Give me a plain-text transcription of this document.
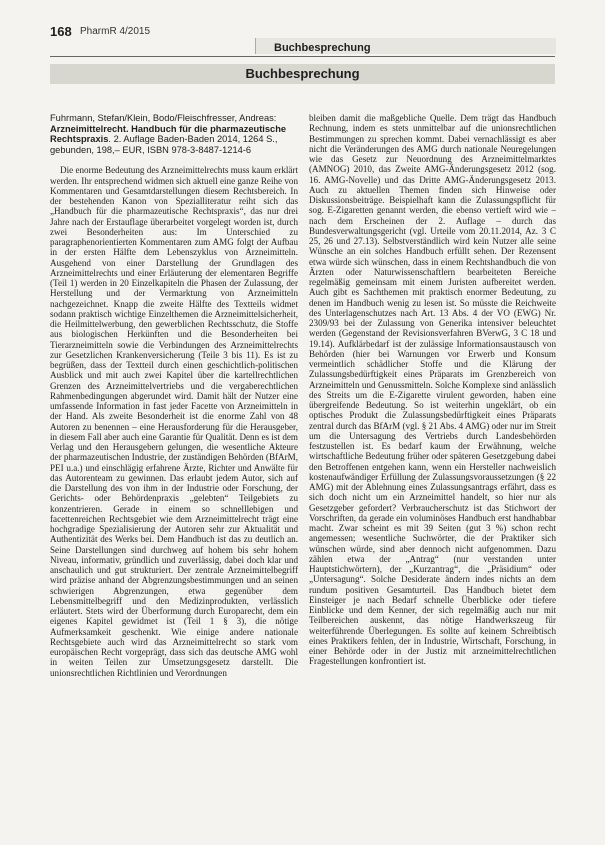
168 PharmR 4/2015
Buchbesprechung
Buchbesprechung

Fuhrmann, Stefan/Klein, Bodo/Fleischfresser, Andreas: Arzneimittelrecht. Handbuch für die pharmazeutische Rechtspraxis. 2. Auflage Baden-Baden 2014, 1264 S., gebunden, 198,– EUR, ISBN 978-3-8487-1214-6

Die enorme Bedeutung des Arzneimittelrechts muss kaum erklärt werden. Ihr entsprechend widmen sich aktuell eine ganze Reihe von Kommentaren und Gesamtdarstellungen diesem Rechtsbereich. In der bestehenden Kanon von Spezialliteratur reiht sich das „Handbuch für die pharmazeutische Rechtspraxis“, das nur drei Jahre nach der Erstauflage überarbeitet vorgelegt worden ist, durch zwei Besonderheiten aus: Im Unterschied zu paragraphenorientierten Kommentaren zum AMG folgt der Aufbau in der ersten Hälfte dem Lebenszyklus von Arzneimitteln. Ausgehend von einer Darstellung der Grundlagen des Arzneimittelrechts und einer Erläuterung der elementaren Begriffe (Teil 1) werden in 20 Einzelkapiteln die Phasen der Zulassung, der Herstellung und der Vermarktung von Arzneimitteln nachgezeichnet. Knapp die zweite Hälfte des Textteils widmet sodann praktisch wichtige Einzelthemen die Arzneimittelsicherheit, die Heilmittelwerbung, den gewerblichen Rechtsschutz, die Stoffe aus biologischen Herkünften und die Besonderheiten bei Tierarzneimitteln sowie die Verbindungen des Arzneimittelrechts zur Gesetzlichen Krankenversicherung (Teile 3 bis 11). Es ist zu begrüßen, dass der Textteil durch einen geschichtlich-politischen Ausblick und mit auch zwei Kapitel über die kartellrechtlichen Grenzen des Arzneimittelvertriebs und die vergaberechtlichen Rahmenbedingungen abgerundet wird. Damit hält der Nutzer eine umfassende Information in fast jeder Facette von Arzneimitteln in der Hand. Als zweite Besonderheit ist die enorme Zahl von 48 Autoren zu benennen – eine Herausforderung für die Herausgeber, in diesem Fall aber auch eine Garantie für Qualität. Denn es ist dem Verlag und den Herausgebern gelungen, die wesentliche Akteure der pharmazeutischen Industrie, der zuständigen Behörden (BfArM, PEI u.a.) und einschlägig erfahrene Ärzte, Richter und Anwälte für das Autorenteam zu gewinnen. Das erlaubt jedem Autor, sich auf die Darstellung des von ihm in der Industrie oder Forschung, der Gerichts- oder Behördenpraxis „gelebten“ Teilgebiets zu konzentrieren. Gerade in einem so schnelllebigen und facettenreichen Rechtsgebiet wie dem Arzneimittelrecht trägt eine hochgradige Spezialisierung der Autoren sehr zur Aktualität und Authentizität des Werks bei. Dem Handbuch ist das zu deutlich an. Seine Darstellungen sind durchweg auf hohem bis sehr hohem Niveau, informativ, gründlich und zuverlässig, dabei doch klar und anschaulich und gut strukturiert. Der zentrale Arzneimittelbegriff wird präzise anhand der Abgrenzungsbestimmungen und an seinen schwierigen Abgrenzungen, etwa gegenüber dem Lebensmittelbegriff und den Medizinprodukten, verlässlich erläutert. Stets wird der Überformung durch Europarecht, dem ein eigenes Kapitel gewidmet ist (Teil 1 § 3), die nötige Aufmerksamkeit geschenkt. Wie einige andere nationale Rechtsgebiete auch wird das Arzneimittelrecht so stark vom europäischen Recht vorgeprägt, dass sich das deutsche AMG wohl in weiten Teilen zur Umsetzungsgesetz darstellt. Die unionsrechtlichen Richtlinien und Verordnungen

bleiben damit die maßgebliche Quelle. Dem trägt das Handbuch Rechnung, indem es stets unmittelbar auf die unionsrechtlichen Bestimmungen zu sprechen kommt. Dabei vernachlässigt es aber nicht die Veränderungen des AMG durch nationale Neuregelungen wie das Gesetz zur Neuordnung des Arzneimittelmarktes (AMNOG) 2010, das Zweite AMG-Änderungsgesetz 2012 (sog. 16. AMG-Novelle) und das Dritte AMG-Änderungsgesetz 2013. Auch zu aktuellen Themen finden sich Hinweise oder Diskussionsbeiträge. Beispielhaft kann die Zulassungspflicht für sog. E-Zigaretten genannt werden, die ebenso vertieft wird wie – nach dem Erscheinen der 2. Auflage – durch das Bundesverwaltungsgericht (vgl. Urteile vom 20.11.2014, Az. 3 C 25, 26 und 27.13). Selbstverständlich wird kein Nutzer alle seine Wünsche an ein solches Handbuch erfüllt sehen. Der Rezensent etwa würde sich wünschen, dass in einem Rechtshandbuch die von Ärzten oder Naturwissenschaftlern bearbeiteten Bereiche regelmäßig gemeinsam mit einem Juristen aufbereitet werden. Auch gibt es Sachthemen mit praktisch enormer Bedeutung, zu denen im Handbuch wenig zu lesen ist. So müsste die Reichweite des Unterlagenschutzes nach Art. 13 Abs. 4 der VO (EWG) Nr. 2309/93 bei der Zulassung von Generika intensiver beleuchtet werden (Gegenstand der Revisionsverfahren BVerwG, 3 C 18 und 19.14). Aufklärbedarf ist der zulässige Informationsaustausch von Behörden (hier bei Warnungen vor Erwerb und Konsum vermeintlich schädlicher Stoffe und die Klärung der Zulassungsbedürftigkeit eines Präparats im Grenzbereich von Arzneimitteln und Genussmitteln. Solche Komplexe sind anlässlich des Streits um die E-Zigarette virulent geworden, haben eine übergreifende Bedeutung. So ist weiterhin ungeklärt, ob ein optisches Produkt die Zulassungsbedürftigkeit eines Präparats zentral durch das BfArM (vgl. § 21 Abs. 4 AMG) oder nur im Streit um die Untersagung des Vertriebs durch Landesbehörden festzustellen ist. Es bedarf kaum der Erwähnung, welche wirtschaftliche Bedeutung früher oder späteren Gesetzgebung dabei den Betroffenen entgehen kann, wenn ein Hersteller nachweislich kostenaufwändiger Erfüllung der Zulassungsvoraussetzungen (§ 22 AMG) mit der Ablehnung eines Zulassungsantrags erfährt, dass es sich doch nicht um ein Arzneimittel handelt, so hier nur als Gesetzgeber gefordert? Verbraucherschutz ist das Stichwort der Vorschriften, da gerade ein voluminöses Handbuch erst handhabbar macht. Zwar scheint es mit 39 Seiten (gut 3 %) schon recht angemessen; wesentliche Suchwörter, die der Praktiker sich wünschen würde, sind aber dennoch nicht aufgenommen. Dazu zählen etwa der „Antrag“ (nur verstanden unter Hauptstichwörtern), der „Kurzantrag“, die „Präsidium“ oder „Untersagung“. Solche Desiderate ändern indes nichts an dem rundum positiven Gesamturteil. Das Handbuch bietet dem Einsteiger je nach Bedarf schnelle Überblicke oder tiefere Einblicke und dem Kenner, der sich regelmäßig auch nur mit Teilbereichen auskennt, das nötige Handwerkszeug für weiterführende Überlegungen. Es sollte auf keinem Schreibtisch eines Praktikers fehlen, der in Industrie, Wirtschaft, Forschung, in einer Behörde oder in der Justiz mit arzneimittelrechtlichen Fragestellungen konfrontiert ist.
